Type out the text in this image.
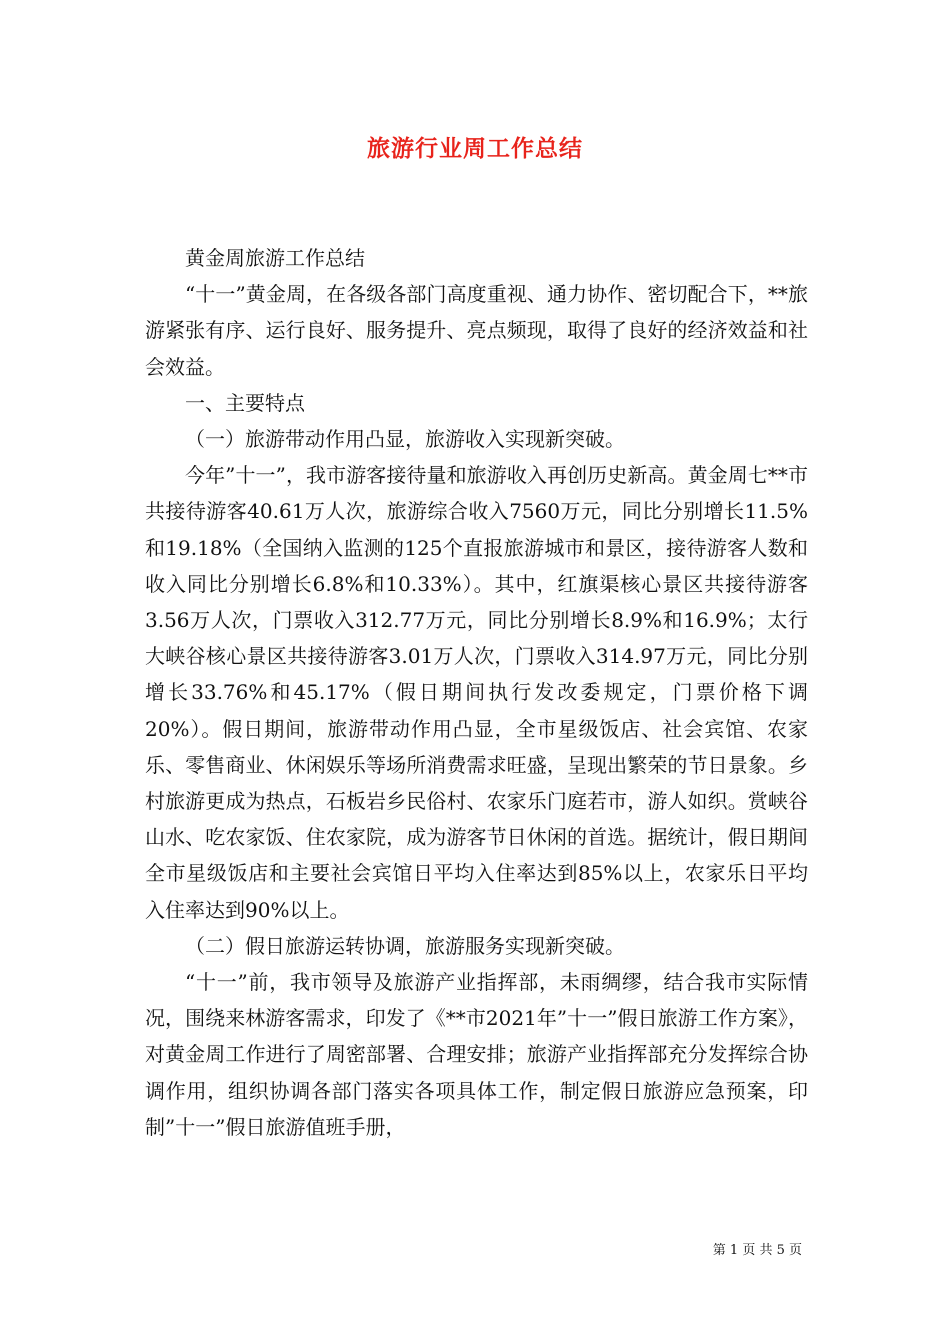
旅游行业周工作总结

黄金周旅游工作总结

“十一”黄金周，在各级各部门高度重视、通力协作、密切配合下，**旅游紧张有序、运行良好、服务提升、亮点频现，取得了良好的经济效益和社会效益。

一、主要特点

（一）旅游带动作用凸显，旅游收入实现新突破。

今年”十一”，我市游客接待量和旅游收入再创历史新高。黄金周七**市共接待游客40.61万人次，旅游综合收入7560万元，同比分别增长11.5%和19.18%（全国纳入监测的125个直报旅游城市和景区，接待游客人数和收入同比分别增长6.8%和10.33%）。其中，红旗渠核心景区共接待游客3.56万人次，门票收入312.77万元，同比分别增长8.9%和16.9%；太行大峡谷核心景区共接待游客3.01万人次，门票收入314.97万元，同比分别增长33.76%和45.17%（假日期间执行发改委规定，门票价格下调20%）。假日期间，旅游带动作用凸显，全市星级饭店、社会宾馆、农家乐、零售商业、休闲娱乐等场所消费需求旺盛，呈现出繁荣的节日景象。乡村旅游更成为热点，石板岩乡民俗村、农家乐门庭若市，游人如织。赏峡谷山水、吃农家饭、住农家院，成为游客节日休闲的首选。据统计，假日期间全市星级饭店和主要社会宾馆日平均入住率达到85%以上，农家乐日平均入住率达到90%以上。

（二）假日旅游运转协调，旅游服务实现新突破。

“十一”前，我市领导及旅游产业指挥部，未雨绸缪，结合我市实际情况，围绕来林游客需求，印发了《**市2021年”十一”假日旅游工作方案》，对黄金周工作进行了周密部署、合理安排；旅游产业指挥部充分发挥综合协调作用，组织协调各部门落实各项具体工作，制定假日旅游应急预案，印制”十一”假日旅游值班手册，

第 1 页 共 5 页
